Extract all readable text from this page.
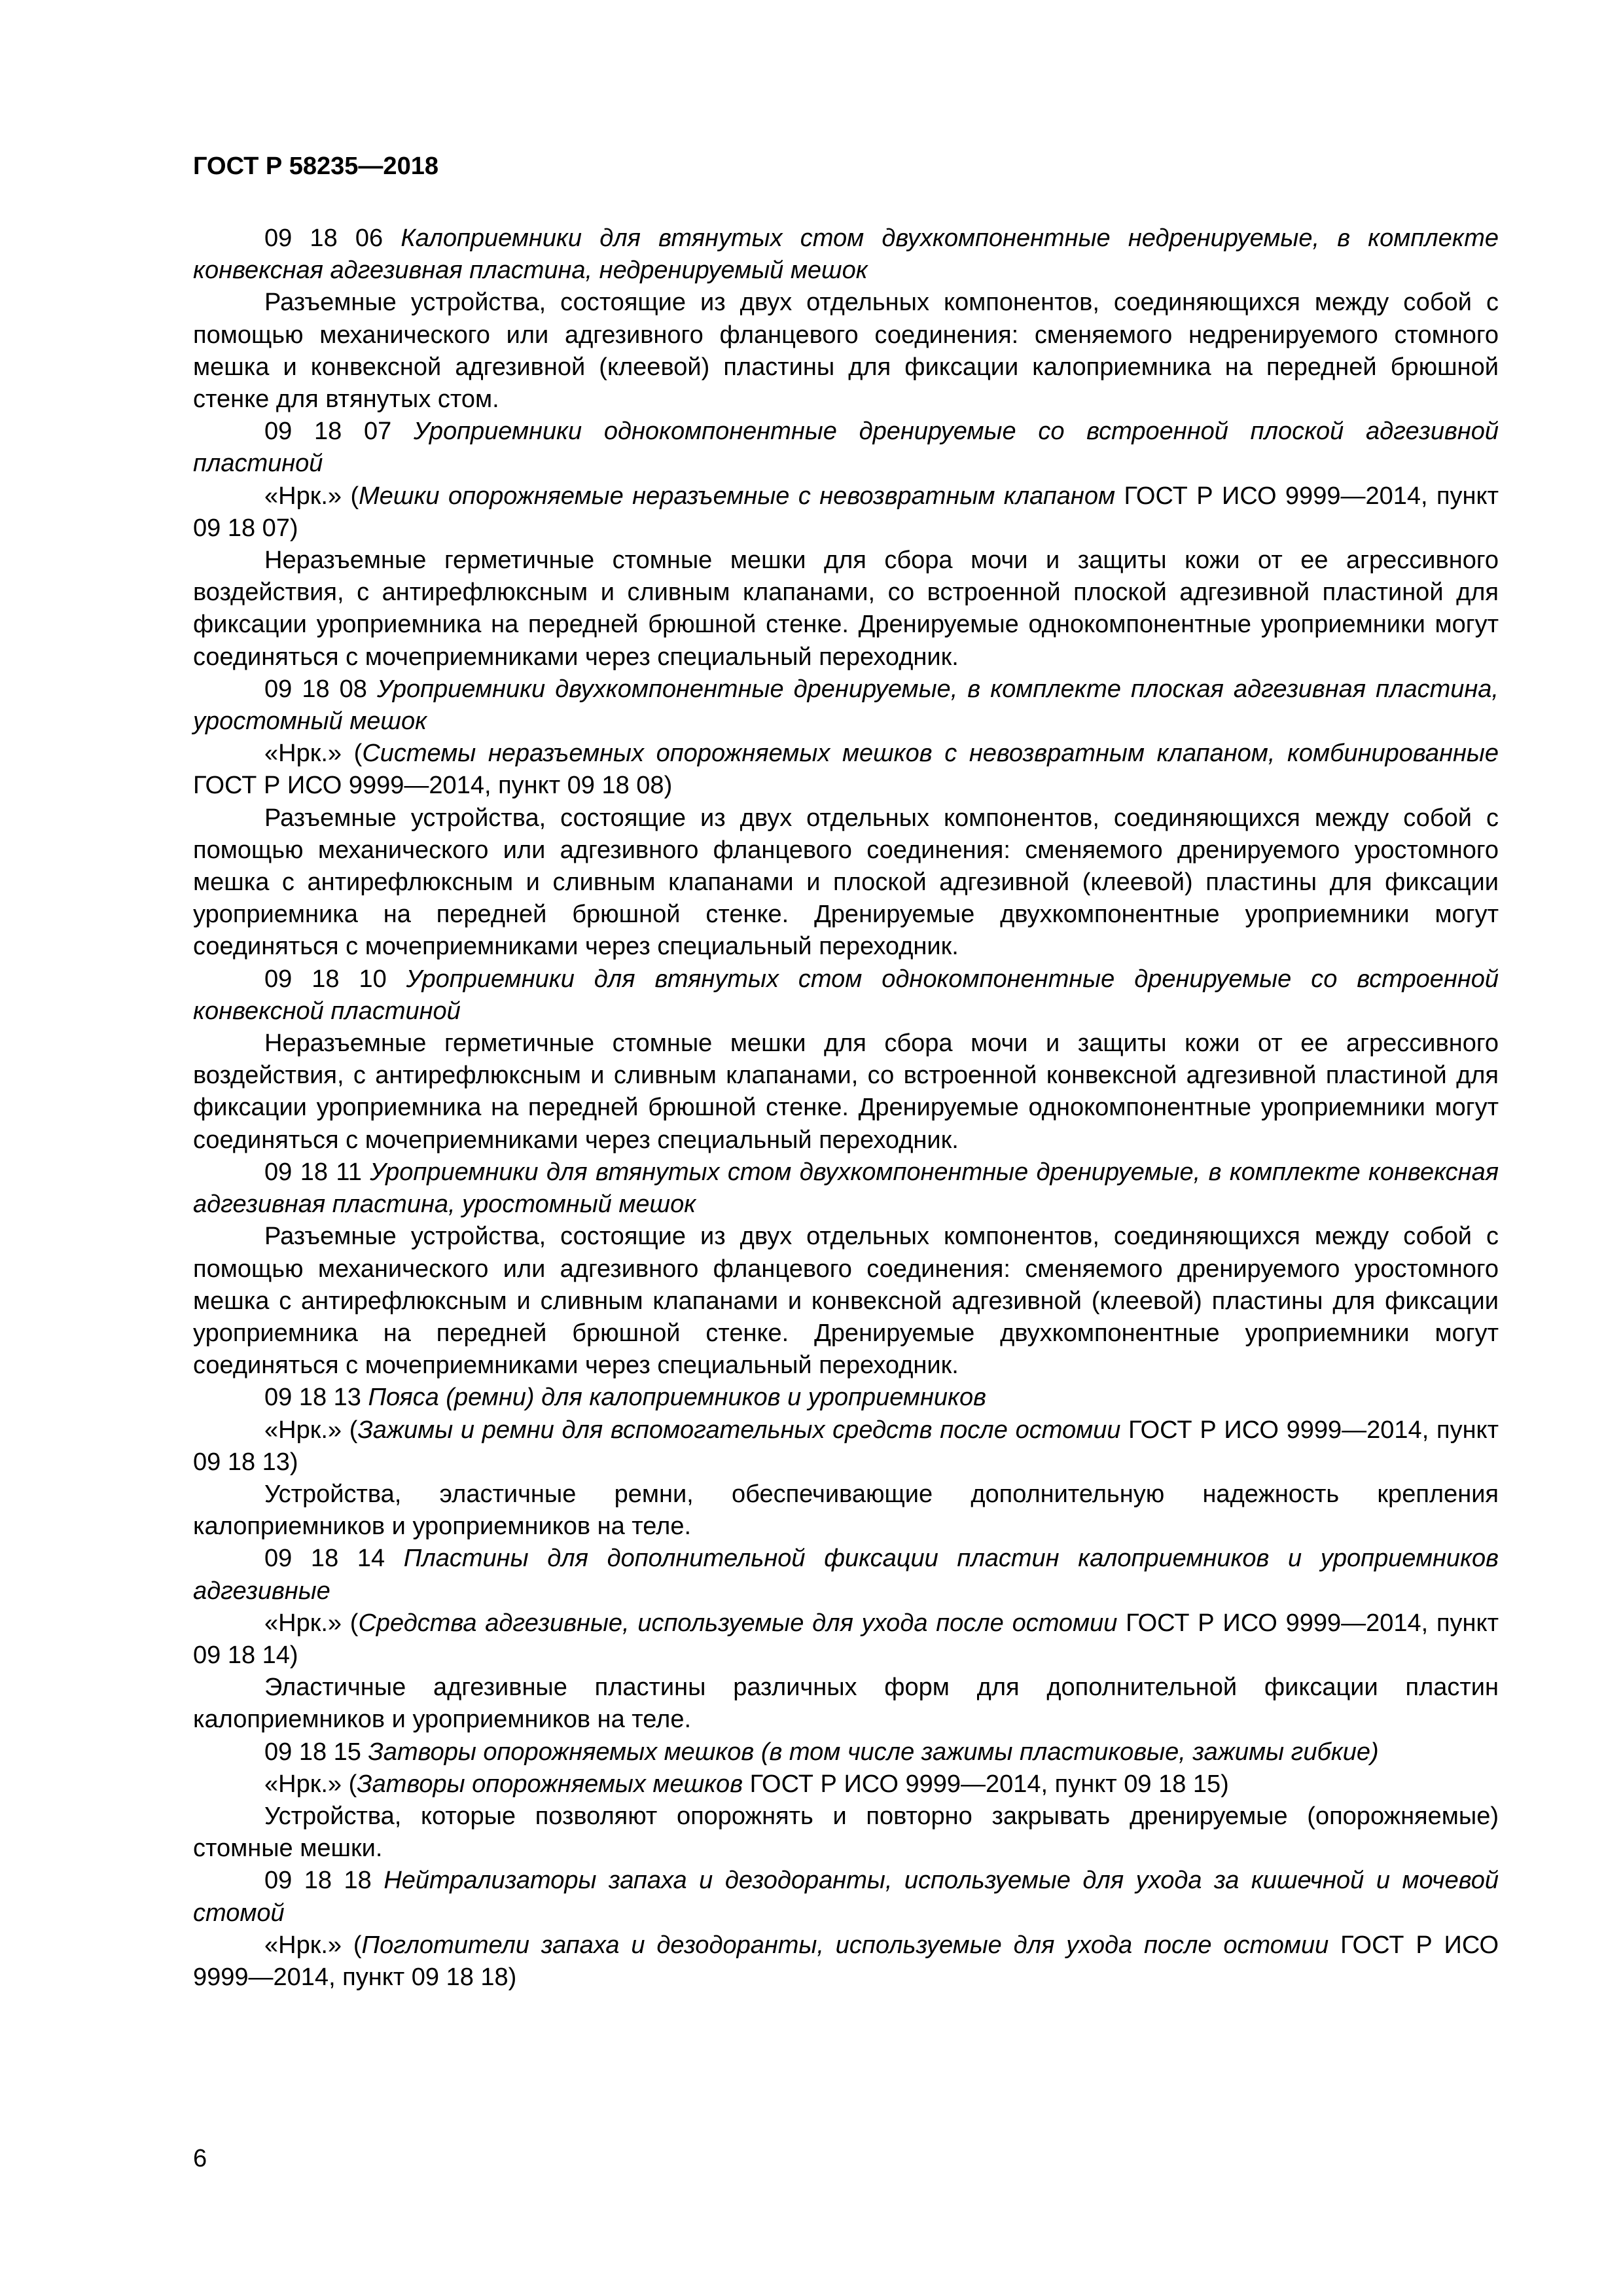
ГОСТ Р 58235—2018

09 18 06 Калоприемники для втянутых стом двухкомпонентные недренируемые, в комплекте конвексная адгезивная пластина, недренируемый мешок

Разъемные устройства, состоящие из двух отдельных компонентов, соединяющихся между собой с помощью механического или адгезивного фланцевого соединения: сменяемого недренируемого стомного мешка и конвексной адгезивной (клеевой) пластины для фиксации калоприемника на передней брюшной стенке для втянутых стом.

09 18 07 Уроприемники однокомпонентные дренируемые со встроенной плоской адгезивной пластиной

«Нрк.» (Мешки опорожняемые неразъемные с невозвратным клапаном ГОСТ Р ИСО 9999—2014, пункт 09 18 07)

Неразъемные герметичные стомные мешки для сбора мочи и защиты кожи от ее агрессивного воздействия, с антирефлюксным и сливным клапанами, со встроенной плоской адгезивной пластиной для фиксации уроприемника на передней брюшной стенке. Дренируемые однокомпонентные уроприемники могут соединяться с мочеприемниками через специальный переходник.

09 18 08 Уроприемники двухкомпонентные дренируемые, в комплекте плоская адгезивная пластина, уростомный мешок

«Нрк.» (Системы неразъемных опорожняемых мешков с невозвратным клапаном, комбинированные ГОСТ Р ИСО 9999—2014, пункт 09 18 08)

Разъемные устройства, состоящие из двух отдельных компонентов, соединяющихся между собой с помощью механического или адгезивного фланцевого соединения: сменяемого дренируемого уростомного мешка с антирефлюксным и сливным клапанами и плоской адгезивной (клеевой) пластины для фиксации уроприемника на передней брюшной стенке. Дренируемые двухкомпонентные уроприемники могут соединяться с мочеприемниками через специальный переходник.

09 18 10 Уроприемники для втянутых стом однокомпонентные дренируемые со встроенной конвексной пластиной

Неразъемные герметичные стомные мешки для сбора мочи и защиты кожи от ее агрессивного воздействия, с антирефлюксным и сливным клапанами, со встроенной конвексной адгезивной пластиной для фиксации уроприемника на передней брюшной стенке. Дренируемые однокомпонентные уроприемники могут соединяться с мочеприемниками через специальный переходник.

09 18 11 Уроприемники для втянутых стом двухкомпонентные дренируемые, в комплекте конвексная адгезивная пластина, уростомный мешок

Разъемные устройства, состоящие из двух отдельных компонентов, соединяющихся между собой с помощью механического или адгезивного фланцевого соединения: сменяемого дренируемого уростомного мешка с антирефлюксным и сливным клапанами и конвексной адгезивной (клеевой) пластины для фиксации уроприемника на передней брюшной стенке. Дренируемые двухкомпонентные уроприемники могут соединяться с мочеприемниками через специальный переходник.

09 18 13 Пояса (ремни) для калоприемников и уроприемников

«Нрк.» (Зажимы и ремни для вспомогательных средств после остомии ГОСТ Р ИСО 9999—2014, пункт 09 18 13)

Устройства, эластичные ремни, обеспечивающие дополнительную надежность крепления калоприемников и уроприемников на теле.

09 18 14 Пластины для дополнительной фиксации пластин калоприемников и уроприемников адгезивные

«Нрк.» (Средства адгезивные, используемые для ухода после остомии ГОСТ Р ИСО 9999—2014, пункт 09 18 14)

Эластичные адгезивные пластины различных форм для дополнительной фиксации пластин калоприемников и уроприемников на теле.

09 18 15 Затворы опорожняемых мешков (в том числе зажимы пластиковые, зажимы гибкие)

«Нрк.» (Затворы опорожняемых мешков ГОСТ Р ИСО 9999—2014, пункт 09 18 15)

Устройства, которые позволяют опорожнять и повторно закрывать дренируемые (опорожняемые) стомные мешки.

09 18 18 Нейтрализаторы запаха и дезодоранты, используемые для ухода за кишечной и мочевой стомой

«Нрк.» (Поглотители запаха и дезодоранты, используемые для ухода после остомии ГОСТ Р ИСО 9999—2014, пункт 09 18 18)

6
